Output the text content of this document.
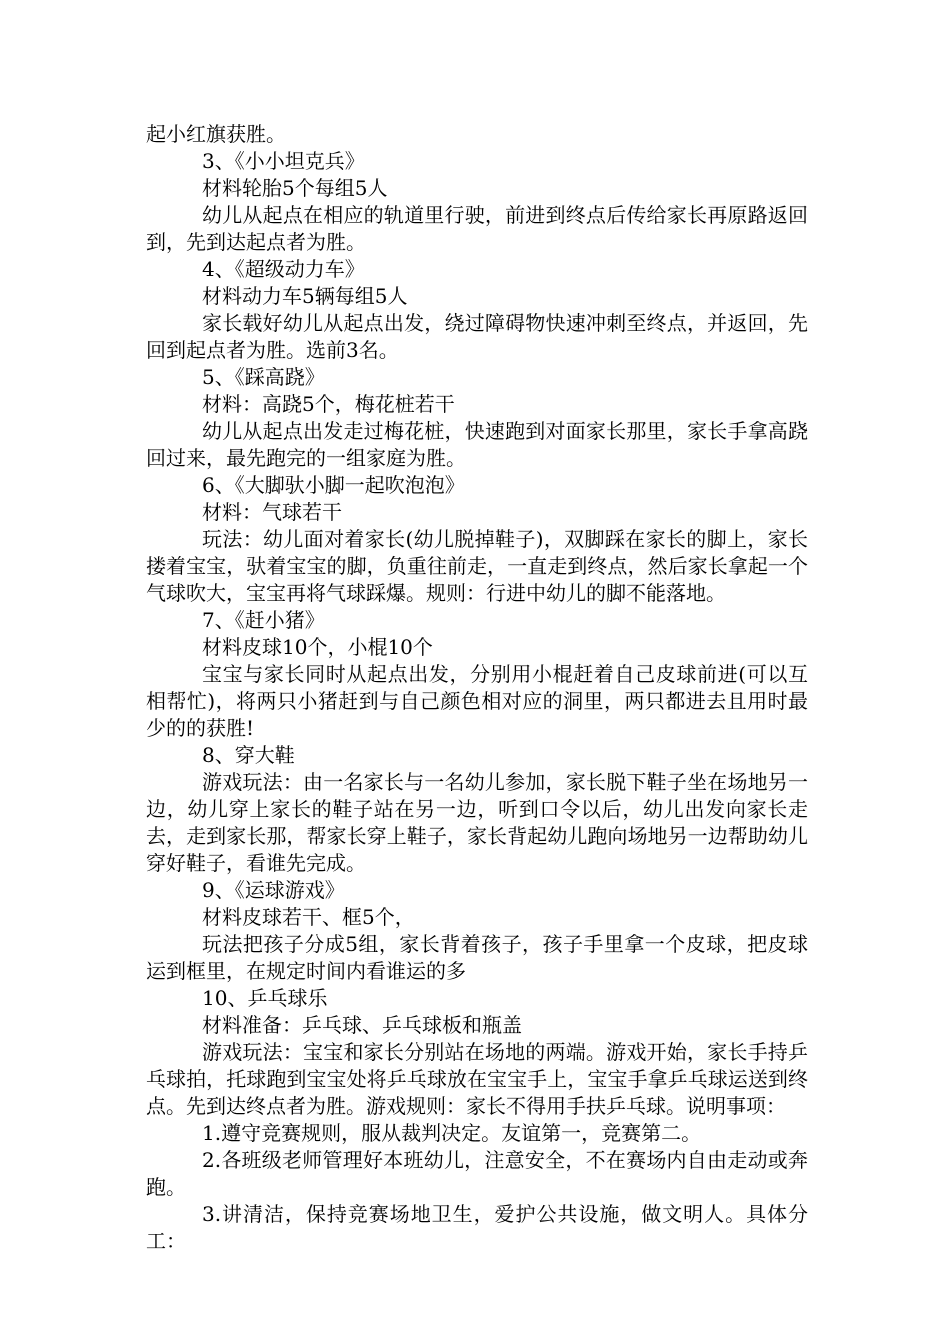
起小红旗获胜。

3、《小小坦克兵》

材料轮胎5个每组5人

幼儿从起点在相应的轨道里行驶，前进到终点后传给家长再原路返回到，先到达起点者为胜。

4、《超级动力车》

材料动力车5辆每组5人

家长载好幼儿从起点出发，绕过障碍物快速冲刺至终点，并返回，先回到起点者为胜。选前3名。

5、《踩高跷》

材料：高跷5个，梅花桩若干

幼儿从起点出发走过梅花桩，快速跑到对面家长那里，家长手拿高跷回过来，最先跑完的一组家庭为胜。

6、《大脚驮小脚一起吹泡泡》

材料：气球若干

玩法：幼儿面对着家长(幼儿脱掉鞋子)，双脚踩在家长的脚上，家长搂着宝宝，驮着宝宝的脚，负重往前走，一直走到终点，然后家长拿起一个气球吹大，宝宝再将气球踩爆。规则：行进中幼儿的脚不能落地。

7、《赶小猪》

材料皮球10个，小棍10个

宝宝与家长同时从起点出发，分别用小棍赶着自己皮球前进(可以互相帮忙)，将两只小猪赶到与自己颜色相对应的洞里，两只都进去且用时最少的的获胜!

8、穿大鞋

游戏玩法：由一名家长与一名幼儿参加，家长脱下鞋子坐在场地另一边，幼儿穿上家长的鞋子站在另一边，听到口令以后，幼儿出发向家长走去，走到家长那，帮家长穿上鞋子，家长背起幼儿跑向场地另一边帮助幼儿穿好鞋子，看谁先完成。

9、《运球游戏》

材料皮球若干、框5个，

玩法把孩子分成5组，家长背着孩子，孩子手里拿一个皮球，把皮球运到框里，在规定时间内看谁运的多

10、乒乓球乐

材料准备：乒乓球、乒乓球板和瓶盖

游戏玩法：宝宝和家长分别站在场地的两端。游戏开始，家长手持乒乓球拍，托球跑到宝宝处将乒乓球放在宝宝手上，宝宝手拿乒乓球运送到终点。先到达终点者为胜。游戏规则：家长不得用手扶乒乓球。说明事项：

1.遵守竞赛规则，服从裁判决定。友谊第一，竞赛第二。

2.各班级老师管理好本班幼儿，注意安全，不在赛场内自由走动或奔跑。

3.讲清洁，保持竞赛场地卫生，爱护公共设施，做文明人。具体分工：
